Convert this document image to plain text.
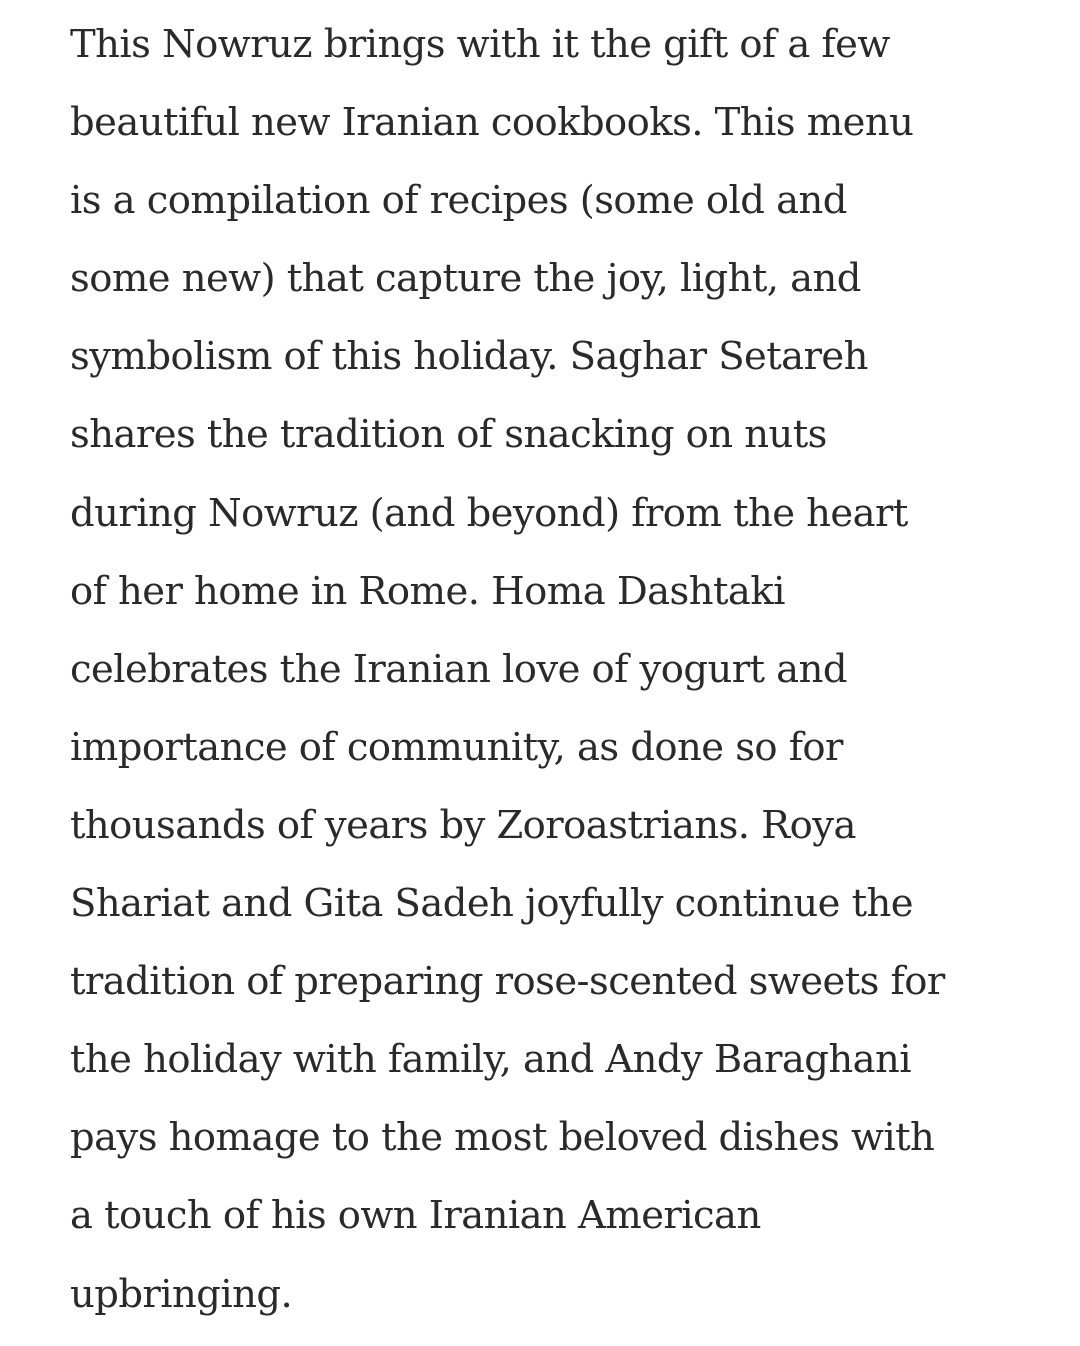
This Nowruz brings with it the gift of a few
beautiful new Iranian cookbooks. This menu
is a compilation of recipes (some old and
some new) that capture the joy, light, and
symbolism of this holiday. Saghar Setareh
shares the tradition of snacking on nuts
during Nowruz (and beyond) from the heart
of her home in Rome. Homa Dashtaki
celebrates the Iranian love of yogurt and
importance of community, as done so for
thousands of years by Zoroastrians. Roya
Shariat and Gita Sadeh joyfully continue the
tradition of preparing rose-scented sweets for
the holiday with family, and Andy Baraghani
pays homage to the most beloved dishes with
a touch of his own Iranian American
upbringing.
